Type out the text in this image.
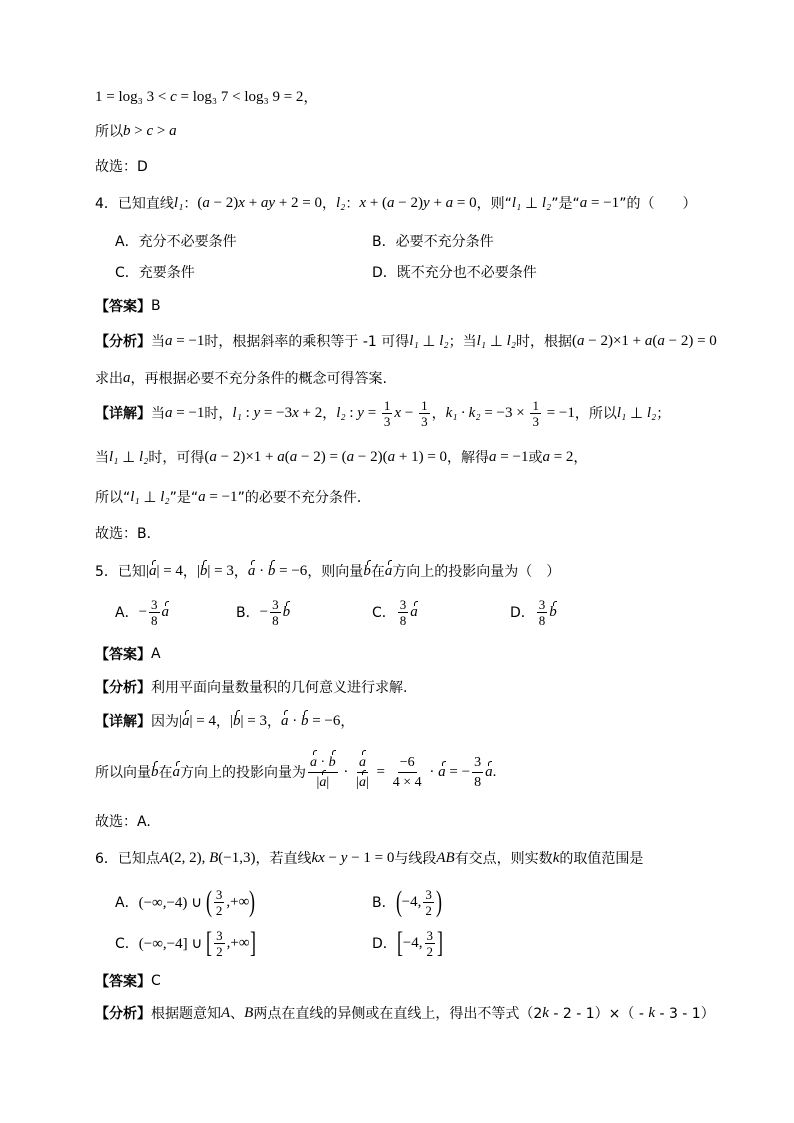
1 = log₃ 3 < c = log₃ 7 < log₃ 9 = 2 ，
所以 b > c > a
故选：D
4．已知直线 l₁ ： ( a − 2) x + ay + 2 = 0 ， l₂ ： x + ( a − 2) y + a = 0 ，则“ l₁ ⊥ l₂ ”是“ a = −1 ”的（　　）
A．充分不必要条件	B．必要不充分条件
C．充要条件	D．既不充分也不必要条件
【答案】 B
【分析】 当 a = −1 时，根据斜率的乘积等于 -1 可得 l₁ ⊥ l₂ ；当 l₁ ⊥ l₂ 时，根据 ( a − 2)×1 + a ( a − 2) = 0
求出 a ，再根据必要不充分条件的概念可得答案.
【详解】 当 a = −1 时， l₁ : y = −3 x + 2 ， l₂ : $y = \frac{1}{3}$ $x - \frac{1}{3}$ ， $k_1 \cdot k_2 = -3 \times \frac{1}{3} = -1$ ，所以 l₁ ⊥ l₂ ；
当 l₁ ⊥ l₂ 时，可得 ( a − 2)×1 + a ( a − 2) = ( a − 2)( a + 1) = 0 ，解得 a = −1 或 a = 2 ，
所以“ l₁ ⊥ l₂ ”是“ a = −1 ”的必要不充分条件．
故选：B．
5．已知 | a | = 4 ， | b | = 3 ， a · b = −6 ，则向量 b 在 a 方向上的投影向量为（　）
A． − $\frac{3}{8}$ a	B． − $\frac{3}{8}$ b	C． $\frac{3}{8}$ a	D． $\frac{3}{8}$ b
【答案】 A
【分析】 利用平面向量数量积的几何意义进行求解.
【详解】 因为 | a | = 4 ， | b | = 3 ， a · b = −6 ，
所以向量 b 在 a 方向上的投影向量为 $\frac{a \cdot b}{| a |} \cdot \frac{a}{| a |} = \frac{-6}{4 \times 4} \cdot a$ = − $\frac{3}{8}$ a .
故选：A.
6．已知点 A (2, 2), B (−1,3) ，若直线 kx − y − 1 = 0 与线段 AB 有交点，则实数 k 的取值范围是
A． (−∞,−4) ∪ ( $\frac{3}{2}$ ,+∞ )	B． ( −4, $\frac{3}{2}$ )
C． (−∞,−4] ∪ [ $\frac{3}{2}$ ,+∞ ]	D． [ −4, $\frac{3}{2}$ ]
【答案】 C
【分析】 根据题意知 A 、 B 两点在直线的异侧或在直线上，得出不等式（2 k - 2 - 1）×（ - k - 3 - 1）
